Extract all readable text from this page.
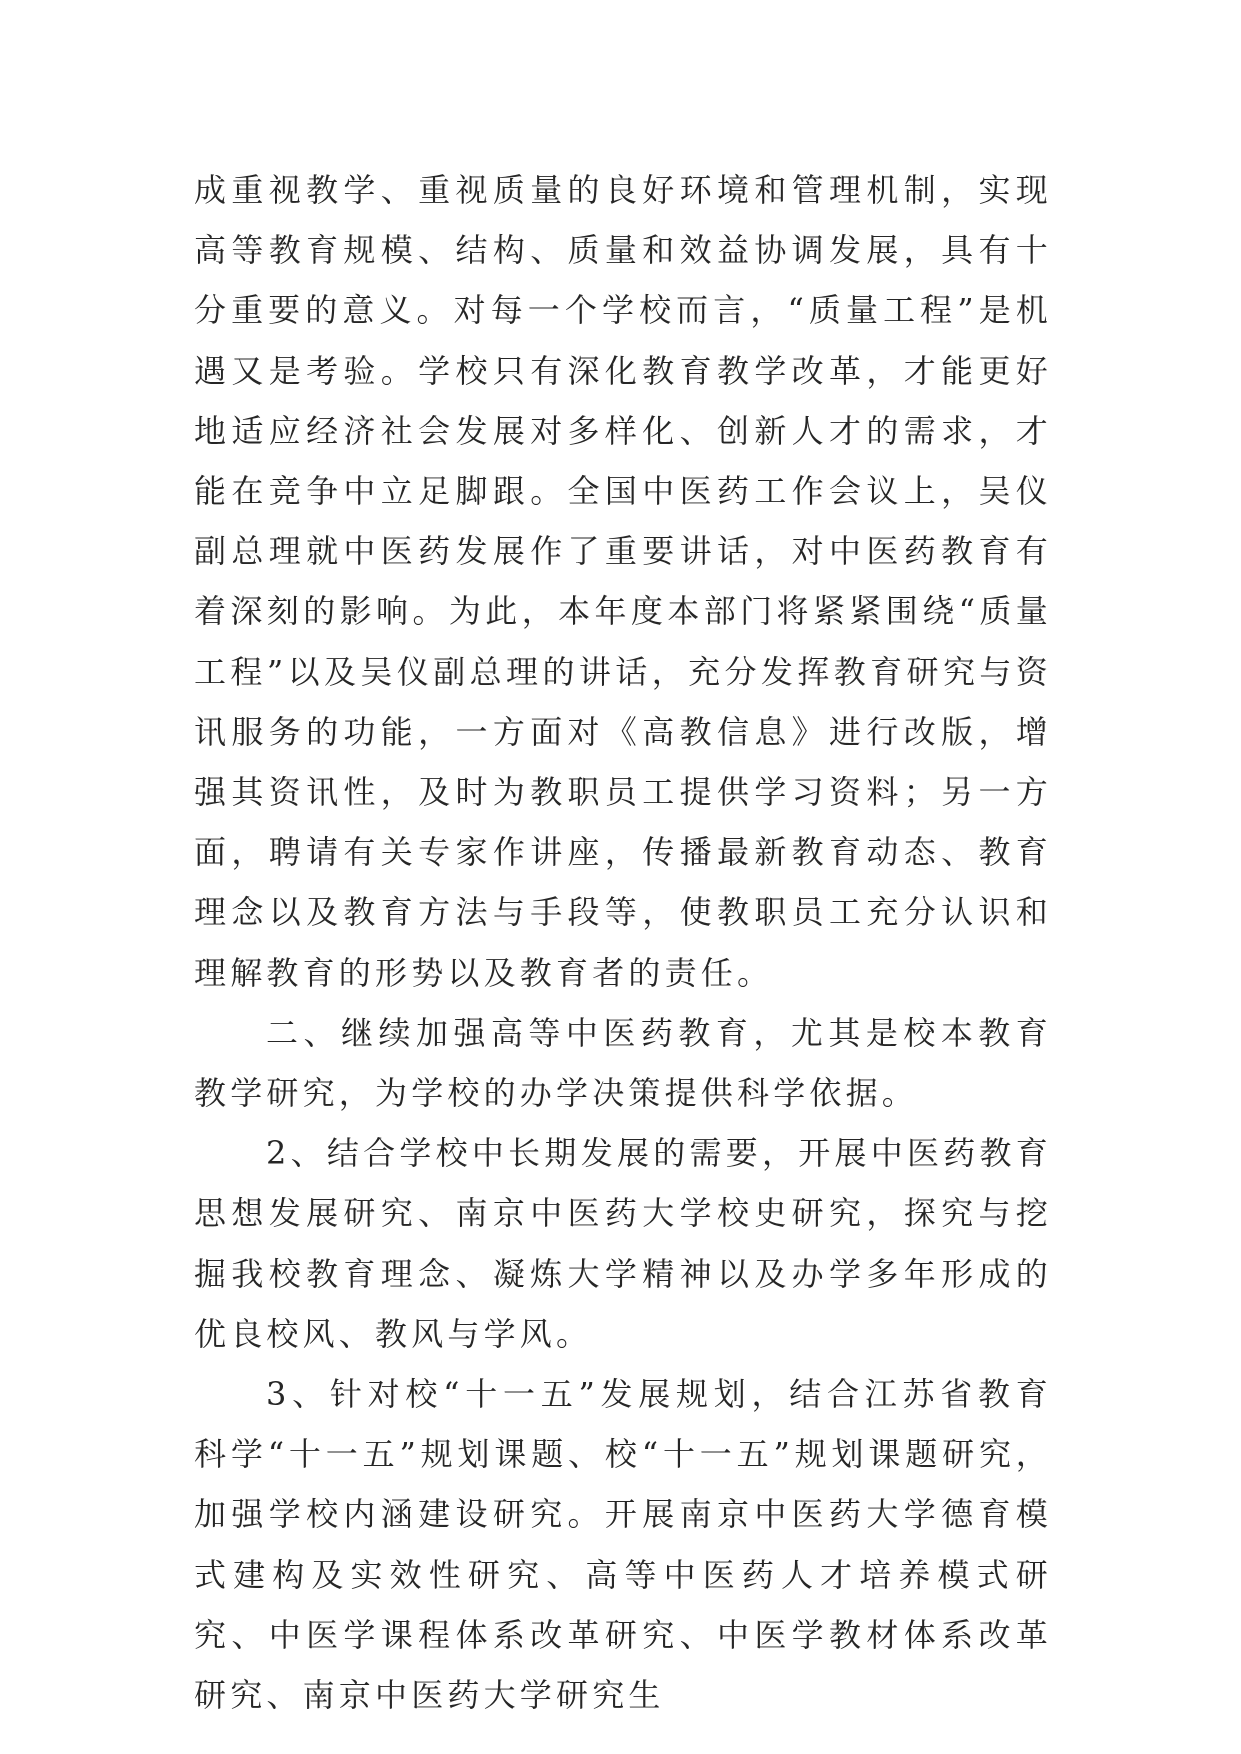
成重视教学、重视质量的良好环境和管理机制，实现高等教育规模、结构、质量和效益协调发展，具有十分重要的意义。对每一个学校而言，“质量工程”是机遇又是考验。学校只有深化教育教学改革，才能更好地适应经济社会发展对多样化、创新人才的需求，才能在竞争中立足脚跟。全国中医药工作会议上，吴仪副总理就中医药发展作了重要讲话，对中医药教育有着深刻的影响。为此，本年度本部门将紧紧围绕“质量工程”以及吴仪副总理的讲话，充分发挥教育研究与资讯服务的功能，一方面对《高教信息》进行改版，增强其资讯性，及时为教职员工提供学习资料；另一方面，聘请有关专家作讲座，传播最新教育动态、教育理念以及教育方法与手段等，使教职员工充分认识和理解教育的形势以及教育者的责任。

二、继续加强高等中医药教育，尤其是校本教育教学研究，为学校的办学决策提供科学依据。

2、结合学校中长期发展的需要，开展中医药教育思想发展研究、南京中医药大学校史研究，探究与挖掘我校教育理念、凝炼大学精神以及办学多年形成的优良校风、教风与学风。

3、针对校“十一五”发展规划，结合江苏省教育科学“十一五”规划课题、校“十一五”规划课题研究，加强学校内涵建设研究。开展南京中医药大学德育模式建构及实效性研究、高等中医药人才培养模式研究、中医学课程体系改革研究、中医学教材体系改革研究、南京中医药大学研究生
